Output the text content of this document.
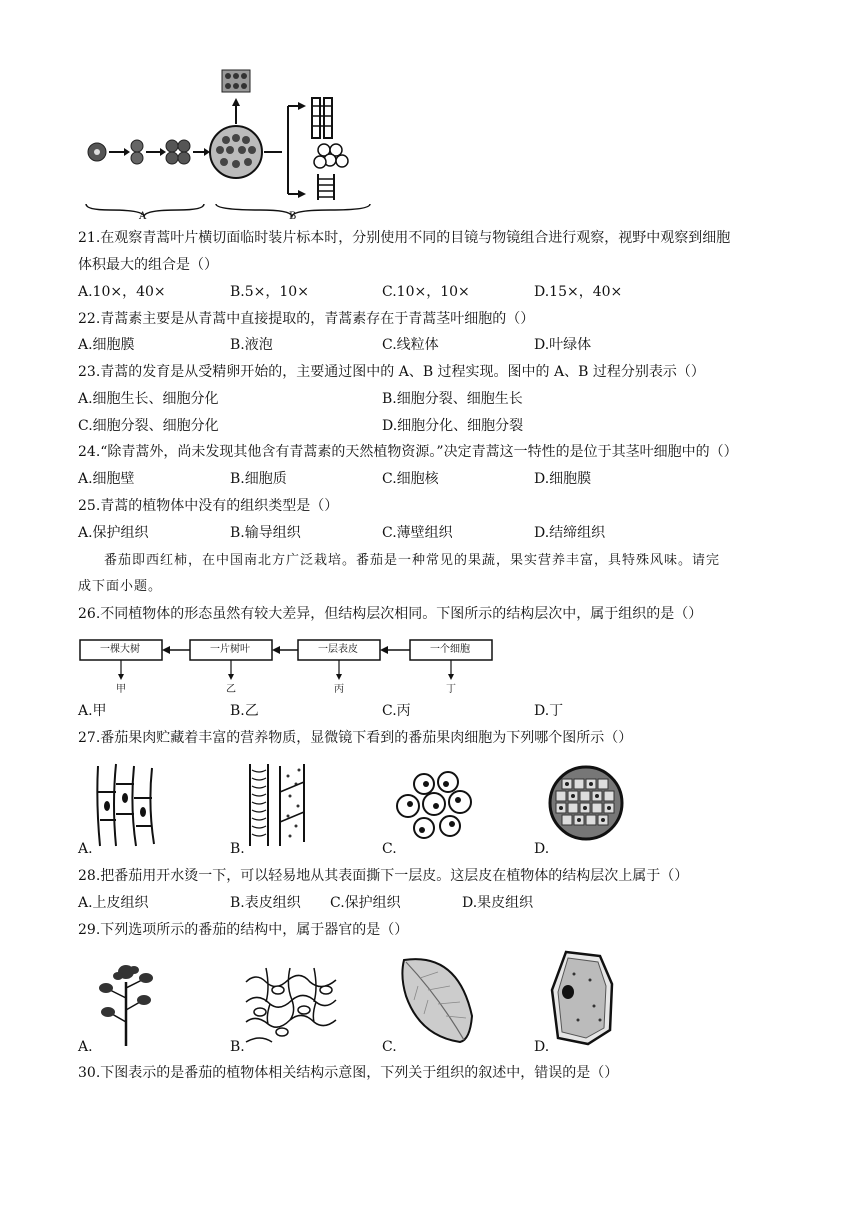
A	B
21.在观察青蒿叶片横切面临时装片标本时，分别使用不同的目镜与物镜组合进行观察，视野中观察到细胞
体积最大的组合是（）
A.10×，40×	B.5×，10×	C.10×，10×	D.15×，40×
22.青蒿素主要是从青蒿中直接提取的，青蒿素存在于青蒿茎叶细胞的（）
A.细胞膜	B.液泡	C.线粒体	D.叶绿体
23.青蒿的发育是从受精卵开始的，主要通过图中的 A、B 过程实现。图中的 A、B 过程分别表示（）
A.细胞生长、细胞分化	B.细胞分裂、细胞生长
C.细胞分裂、细胞分化	D.细胞分化、细胞分裂
24.“除青蒿外，尚未发现其他含有青蒿素的天然植物资源。”决定青蒿这一特性的是位于其茎叶细胞中的（）
A.细胞壁	B.细胞质	C.细胞核	D.细胞膜
25.青蒿的植物体中没有的组织类型是（）
A.保护组织	B.输导组织	C.薄壁组织	D.结缔组织
番茄即西红柿，在中国南北方广泛栽培。番茄是一种常见的果蔬，果实营养丰富，具特殊风味。请完
成下面小题。
26.不同植物体的形态虽然有较大差异，但结构层次相同。下图所示的结构层次中，属于组织的是（）
一棵大树	一片树叶	一层表皮	一个细胞
甲	乙	丙	丁
A.甲	B.乙	C.丙	D.丁
27.番茄果肉贮藏着丰富的营养物质，显微镜下看到的番茄果肉细胞为下列哪个图所示（）
A.	B.	C.	D.
28.把番茄用开水烫一下，可以轻易地从其表面撕下一层皮。这层皮在植物体的结构层次上属于（）
A.上皮组织	B.表皮组织 C.保护组织	D.果皮组织
29.下列选项所示的番茄的结构中，属于器官的是（）
A.	B.	C.	D.
30.下图表示的是番茄的植物体相关结构示意图，下列关于组织的叙述中，错误的是（）
